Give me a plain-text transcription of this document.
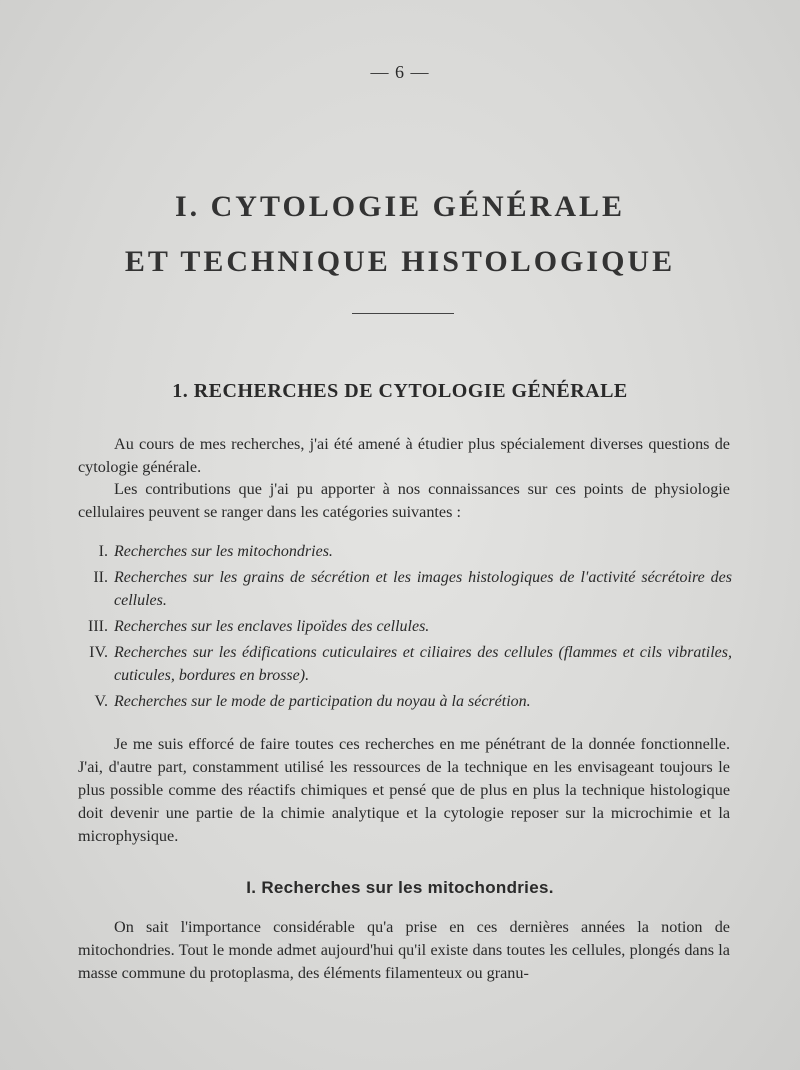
— 6 —
I. CYTOLOGIE GÉNÉRALE
ET TECHNIQUE HISTOLOGIQUE
1. RECHERCHES DE CYTOLOGIE GÉNÉRALE

Au cours de mes recherches, j'ai été amené à étudier plus spécialement diverses questions de cytologie générale.

Les contributions que j'ai pu apporter à nos connaissances sur ces points de physiologie cellulaires peuvent se ranger dans les catégories suivantes :

I. Recherches sur les mitochondries.
II. Recherches sur les grains de sécrétion et les images histologiques de l'activité sécrétoire des cellules.
III. Recherches sur les enclaves lipoïdes des cellules.
IV. Recherches sur les édifications cuticulaires et ciliaires des cellules (flammes et cils vibratiles, cuticules, bordures en brosse).
V. Recherches sur le mode de participation du noyau à la sécrétion.

Je me suis efforcé de faire toutes ces recherches en me pénétrant de la donnée fonctionnelle. J'ai, d'autre part, constamment utilisé les ressources de la technique en les envisageant toujours le plus possible comme des réactifs chimiques et pensé que de plus en plus la technique histologique doit devenir une partie de la chimie analytique et la cytologie reposer sur la microchimie et la microphysique.

I. Recherches sur les mitochondries.

On sait l'importance considérable qu'a prise en ces dernières années la notion de mitochondries. Tout le monde admet aujourd'hui qu'il existe dans toutes les cellules, plongés dans la masse commune du protoplasma, des éléments filamenteux ou granu-
